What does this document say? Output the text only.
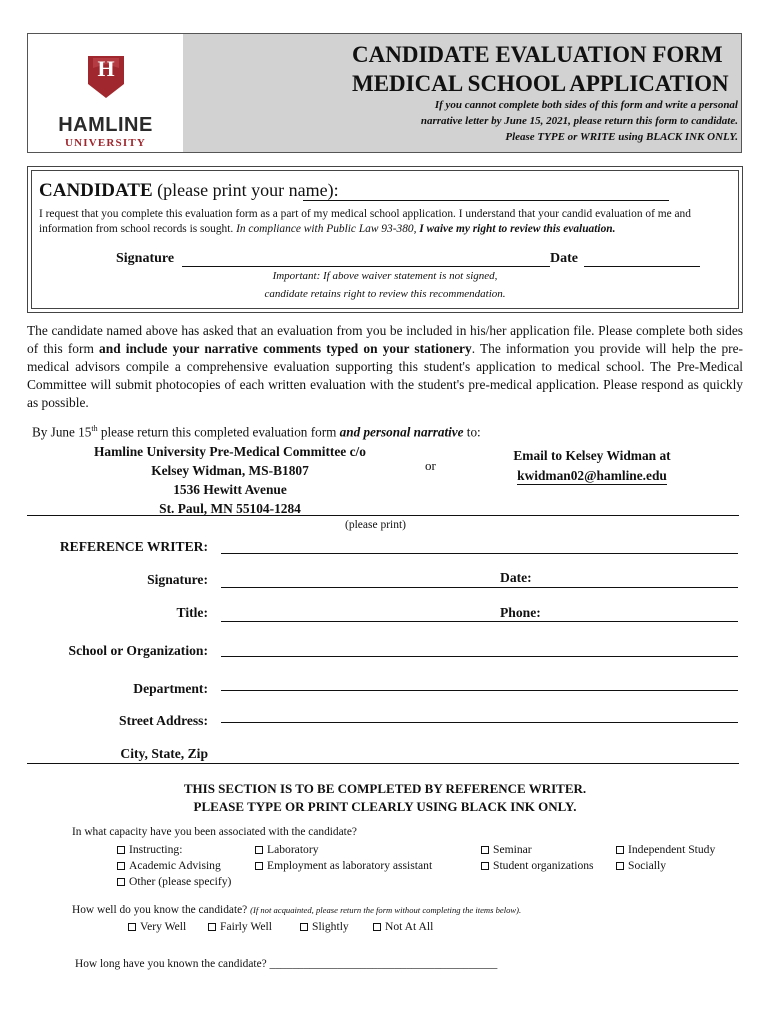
H
HAMLINE
UNIVERSITY
CANDIDATE EVALUATION FORM
MEDICAL SCHOOL APPLICATION
If you cannot complete both sides of this form and write a personal
narrative letter by June 15, 2021, please return this form to candidate.
Please TYPE or WRITE using BLACK INK ONLY.
CANDIDATE (please print your name):
I request that you complete this evaluation form as a part of my medical school application. I understand that your candid evaluation of me and information from school records is sought. In compliance with Public Law 93-380, I waive my right to review this evaluation.
Signature	Date
Important: If above waiver statement is not signed,
candidate retains right to review this recommendation.
The candidate named above has asked that an evaluation from you be included in his/her application file. Please complete both sides of this form and include your narrative comments typed on your stationery. The information you provide will help the pre-medical advisors compile a comprehensive evaluation supporting this student's application to medical school. The Pre-Medical Committee will submit photocopies of each written evaluation with the student's pre-medical application. Please respond as quickly as possible.
By June 15th please return this completed evaluation form and personal narrative to:
Hamline University Pre-Medical Committee c/o
Kelsey Widman, MS-B1807
1536 Hewitt Avenue
St. Paul, MN 55104-1284
or
Email to Kelsey Widman at
kwidman02@hamline.edu
(please print)
REFERENCE WRITER:
Signature:	Date:
Title:	Phone:
School or Organization:
Department:
Street Address:
City, State, Zip
THIS SECTION IS TO BE COMPLETED BY REFERENCE WRITER.
PLEASE TYPE OR PRINT CLEARLY USING BLACK INK ONLY.
In what capacity have you been associated with the candidate?
Instructing:	Laboratory	Seminar	Independent Study
Academic Advising	Employment as laboratory assistant	Student organizations	Socially
Other (please specify)
How well do you know the candidate? (If not acquainted, please return the form without completing the items below).
Very Well	Fairly Well	Slightly	Not At All
How long have you known the candidate? ________________________________________
